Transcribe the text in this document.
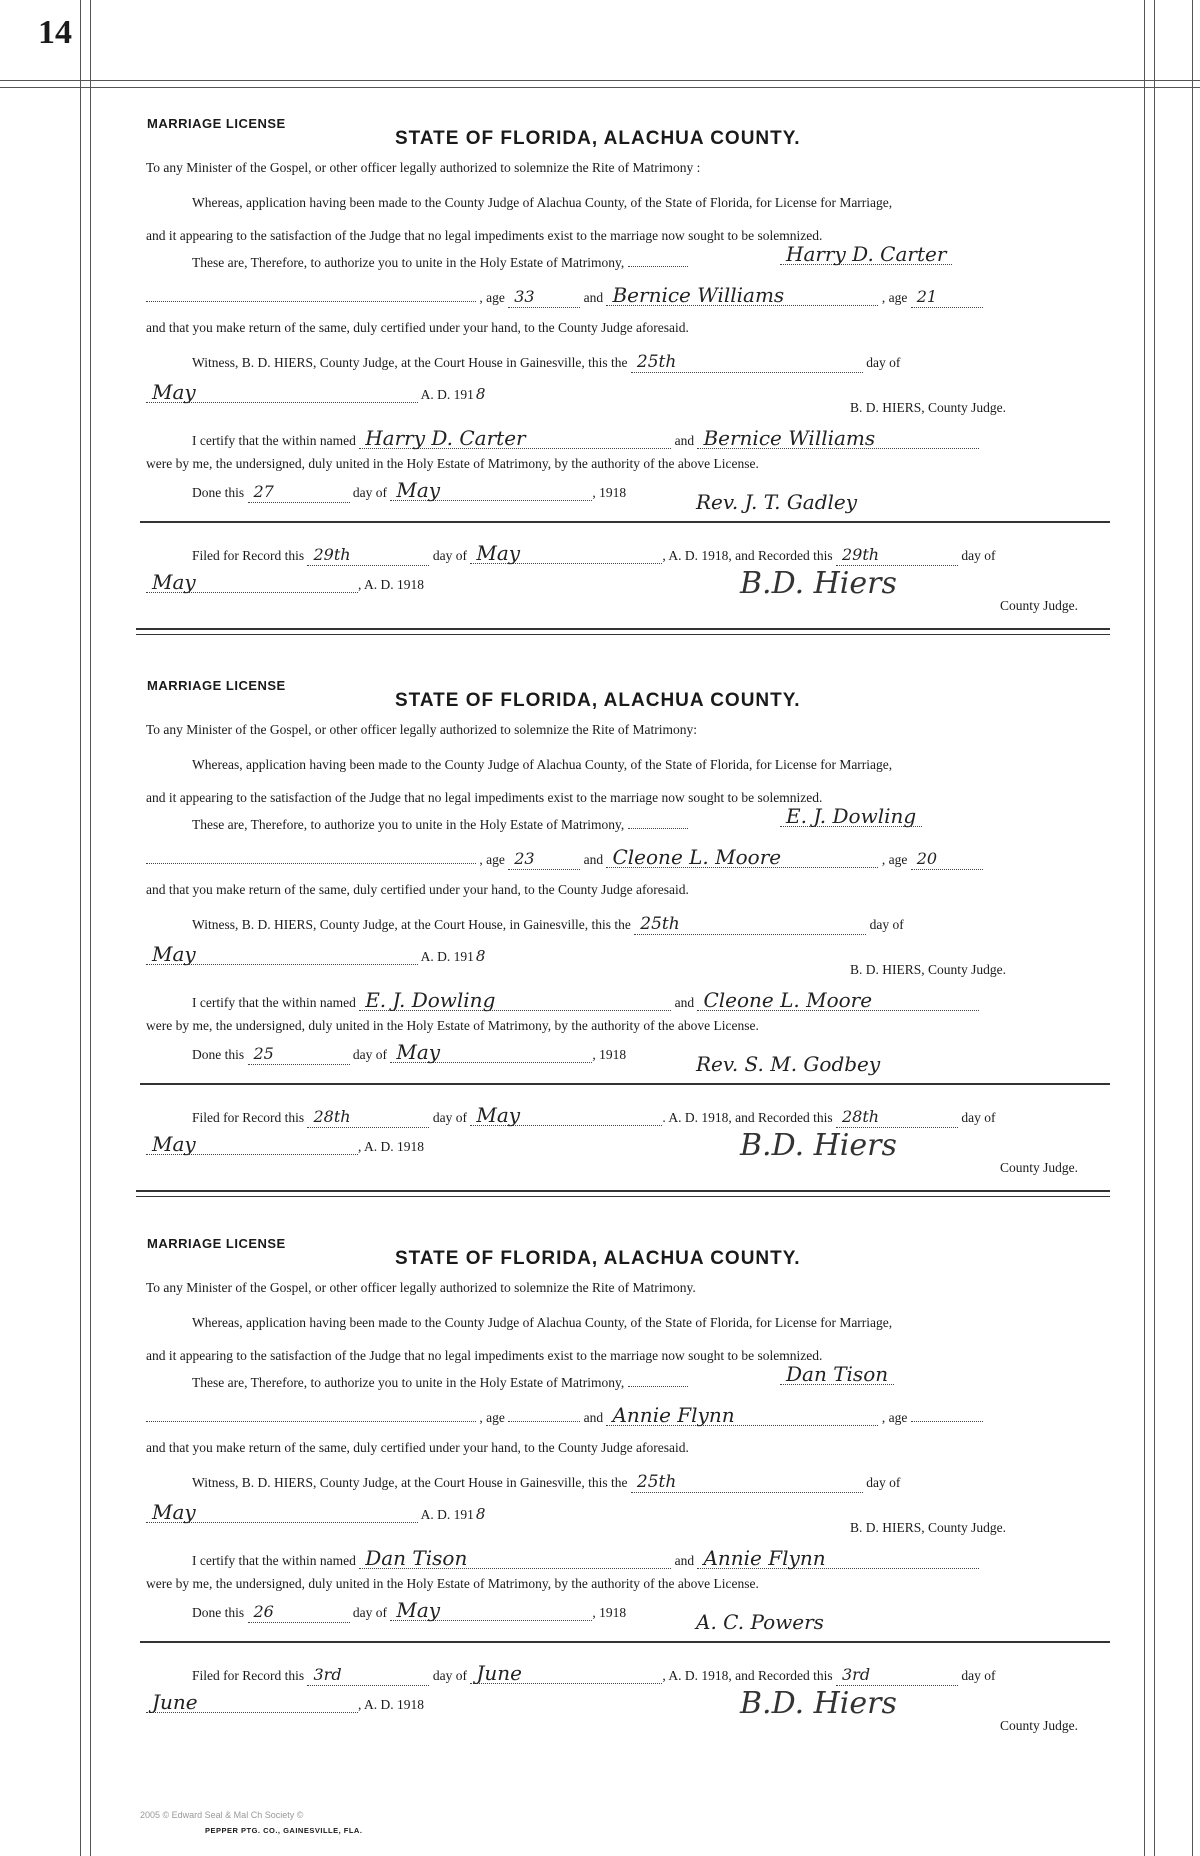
14
MARRIAGE LICENSE
STATE OF FLORIDA, ALACHUA COUNTY.
To any Minister of the Gospel, or other officer legally authorized to solemnize the Rite of Matrimony :
Whereas, application having been made to the County Judge of Alachua County, of the State of Florida, for License for Marriage,
and it appearing to the satisfaction of the Judge that no legal impediments exist to the marriage now sought to be solemnized.
These are, Therefore, to authorize you to unite in the Holy Estate of Matrimony,	Harry D. Carter
, age 33	and Bernice Williams	, age 21
and that you make return of the same, duly certified under your hand, to the County Judge aforesaid.
Witness, B. D. HIERS, County Judge, at the Court House in Gainesville, this the 25th	day of
May	A. D. 191 8
B. D. HIERS, County Judge.
I certify that the within named Harry D. Carter	and Bernice Williams
were by me, the undersigned, duly united in the Holy Estate of Matrimony, by the authority of the above License.
Done this 27	day of May	, 1918	Rev. J. T. Gadley
Filed for Record this 29th	day of May	, A. D. 1918, and Recorded this 29th	day of
May	, A. D. 1918	B.D. Hiers
County Judge.
MARRIAGE LICENSE
STATE OF FLORIDA, ALACHUA COUNTY.
To any Minister of the Gospel, or other officer legally authorized to solemnize the Rite of Matrimony:
Whereas, application having been made to the County Judge of Alachua County, of the State of Florida, for License for Marriage,
and it appearing to the satisfaction of the Judge that no legal impediments exist to the marriage now sought to be solemnized.
These are, Therefore, to authorize you to unite in the Holy Estate of Matrimony,	E. J. Dowling
, age 23	and Cleone L. Moore	, age 20
and that you make return of the same, duly certified under your hand, to the County Judge aforesaid.
Witness, B. D. HIERS, County Judge, at the Court House, in Gainesville, this the 25th	day of
May	A. D. 191 8
B. D. HIERS, County Judge.
I certify that the within named E. J. Dowling	and Cleone L. Moore
were by me, the undersigned, duly united in the Holy Estate of Matrimony, by the authority of the above License.
Done this 25	day of May	, 1918	Rev. S. M. Godbey
Filed for Record this 28th	day of May	. A. D. 1918, and Recorded this 28th	day of
May	, A. D. 1918	B.D. Hiers
County Judge.
MARRIAGE LICENSE
STATE OF FLORIDA, ALACHUA COUNTY.
To any Minister of the Gospel, or other officer legally authorized to solemnize the Rite of Matrimony.
Whereas, application having been made to the County Judge of Alachua County, of the State of Florida, for License for Marriage,
and it appearing to the satisfaction of the Judge that no legal impediments exist to the marriage now sought to be solemnized.
These are, Therefore, to authorize you to unite in the Holy Estate of Matrimony,	Dan Tison
, age	and Annie Flynn	, age
and that you make return of the same, duly certified under your hand, to the County Judge aforesaid.
Witness, B. D. HIERS, County Judge, at the Court House in Gainesville, this the 25th	day of
May	A. D. 191 8
B. D. HIERS, County Judge.
I certify that the within named Dan Tison	and Annie Flynn
were by me, the undersigned, duly united in the Holy Estate of Matrimony, by the authority of the above License.
Done this 26	day of May	, 1918	A. C. Powers
Filed for Record this 3rd	day of June	, A. D. 1918, and Recorded this 3rd	day of
June	, A. D. 1918	B.D. Hiers
County Judge.
2005 © Edward Seal & Mal Ch Society ©
PEPPER PTG. CO., GAINESVILLE, FLA.
